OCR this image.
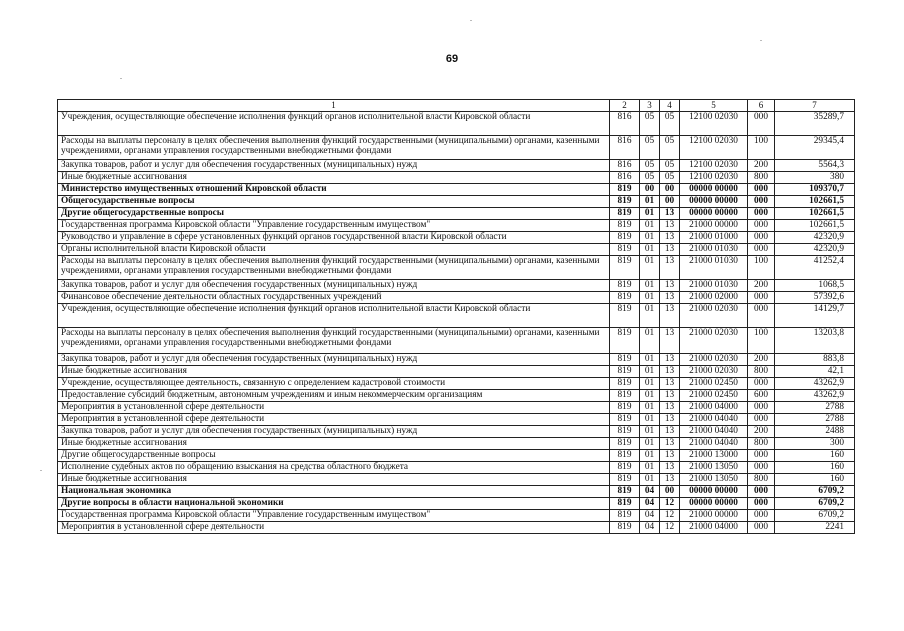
69
1	2	3	4	5	6	7
Учреждения, осуществляющие обеспечение исполнения функций органов исполнительной власти Кировской области	816	05	05	12100 02030	000	35289,7
Расходы на выплаты персоналу в целях обеспечения выполнения функций государственными (муниципальными) органами, казенными учреждениями, органами управления государственными внебюджетными фондами	816	05	05	12100 02030	100	29345,4
Закупка товаров, работ и услуг для обеспечения государственных (муниципальных) нужд	816	05	05	12100 02030	200	5564,3
Иные бюджетные ассигнования	816	05	05	12100 02030	800	380
Министерство имущественных отношений Кировской области	819	00	00	00000 00000	000	109370,7
Общегосударственные вопросы	819	01	00	00000 00000	000	102661,5
Другие общегосударственные вопросы	819	01	13	00000 00000	000	102661,5
Государственная программа Кировской области "Управление государственным имуществом"	819	01	13	21000 00000	000	102661,5
Руководство и управление в сфере установленных функций органов государственной власти Кировской области	819	01	13	21000 01000	000	42320,9
Органы исполнительной власти Кировской области	819	01	13	21000 01030	000	42320,9
Расходы на выплаты персоналу в целях обеспечения выполнения функций государственными (муниципальными) органами, казенными учреждениями, органами управления государственными внебюджетными фондами	819	01	13	21000 01030	100	41252,4
Закупка товаров, работ и услуг для обеспечения государственных (муниципальных) нужд	819	01	13	21000 01030	200	1068,5
Финансовое обеспечение деятельности областных государственных учреждений	819	01	13	21000 02000	000	57392,6
Учреждения, осуществляющие обеспечение исполнения функций органов исполнительной власти Кировской области	819	01	13	21000 02030	000	14129,7
Расходы на выплаты персоналу в целях обеспечения выполнения функций государственными (муниципальными) органами, казенными учреждениями, органами управления государственными внебюджетными фондами	819	01	13	21000 02030	100	13203,8
Закупка товаров, работ и услуг для обеспечения государственных (муниципальных) нужд	819	01	13	21000 02030	200	883,8
Иные бюджетные ассигнования	819	01	13	21000 02030	800	42,1
Учреждение, осуществляющее деятельность, связанную с определением кадастровой стоимости	819	01	13	21000 02450	000	43262,9
Предоставление субсидий бюджетным, автономным учреждениям и иным некоммерческим организациям	819	01	13	21000 02450	600	43262,9
Мероприятия в установленной сфере деятельности	819	01	13	21000 04000	000	2788
Мероприятия в установленной сфере деятельности	819	01	13	21000 04040	000	2788
Закупка товаров, работ и услуг для обеспечения государственных (муниципальных) нужд	819	01	13	21000 04040	200	2488
Иные бюджетные ассигнования	819	01	13	21000 04040	800	300
Другие общегосударственные вопросы	819	01	13	21000 13000	000	160
Исполнение судебных актов по обращению взыскания на средства областного бюджета	819	01	13	21000 13050	000	160
Иные бюджетные ассигнования	819	01	13	21000 13050	800	160
Национальная экономика	819	04	00	00000 00000	000	6709,2
Другие вопросы в области национальной экономики	819	04	12	00000 00000	000	6709,2
Государственная программа Кировской области "Управление государственным имуществом"	819	04	12	21000 00000	000	6709,2
Мероприятия в установленной сфере деятельности	819	04	12	21000 04000	000	2241
